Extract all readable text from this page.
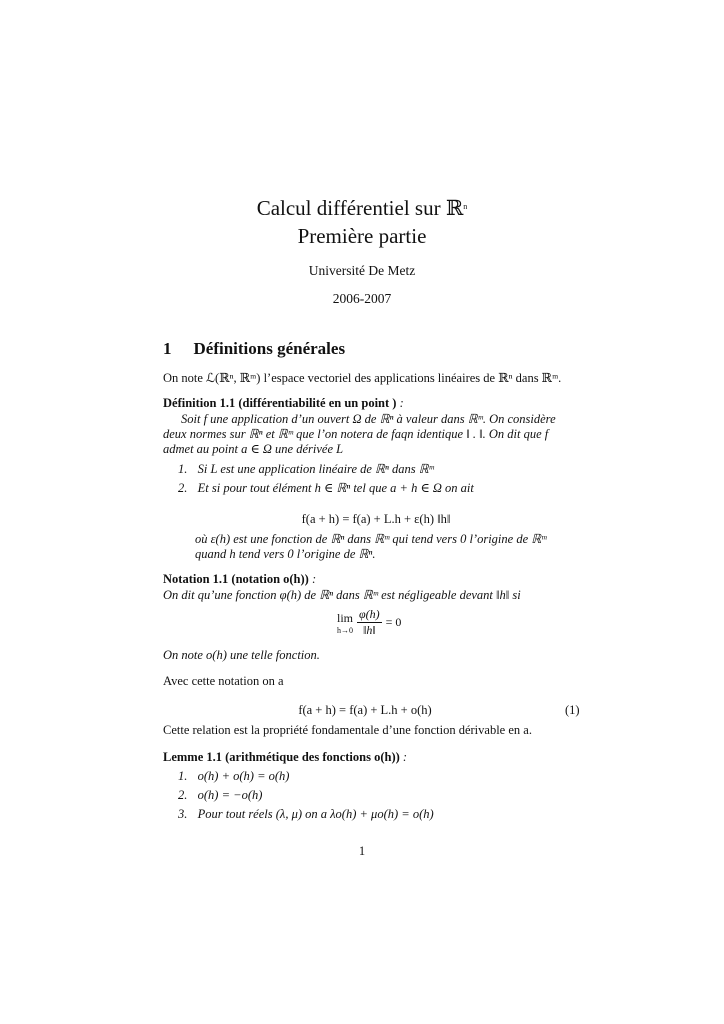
Calcul différentiel sur ℝ$^n$
Première partie
Université De Metz
2006-2007
1 Définitions générales
On note ℒ(ℝⁿ, ℝᵐ) l’espace vectoriel des applications linéaires de ℝⁿ dans ℝᵐ.
Définition 1.1 (différentiabilité en un point ) :
Soit f une application d’un ouvert Ω de ℝⁿ à valeur dans ℝᵐ. On considère
deux normes sur ℝⁿ et ℝᵐ que l’on notera de faqn identique ‖ . ‖. On dit que f
admet au point a ∈ Ω une dérivée L
1. Si L est une application linéaire de ℝⁿ dans ℝᵐ
2. Et si pour tout élément h ∈ ℝⁿ tel que a + h ∈ Ω on ait
f(a + h) = f(a) + L.h + ε(h) ‖h‖
où ε(h) est une fonction de ℝⁿ dans ℝᵐ qui tend vers 0 l’origine de ℝᵐ
quand h tend vers 0 l’origine de ℝⁿ.
Notation 1.1 (notation o(h)) :
On dit qu’une fonction φ(h) de ℝⁿ dans ℝᵐ est négligeable devant ‖h‖ si
lim
$h\to 0 \frac{\varphi(h)}{‖h‖} = 0$
On note o(h) une telle fonction.
Avec cette notation on a
f(a + h) = f(a) + L.h + o(h)	(1)
Cette relation est la propriété fondamentale d’une fonction dérivable en a.
Lemme 1.1 (arithmétique des fonctions o(h)) :
1. o(h) + o(h) = o(h)
2. o(h) = −o(h)
3. Pour tout réels (λ, μ) on a λo(h) + μo(h) = o(h)
1
